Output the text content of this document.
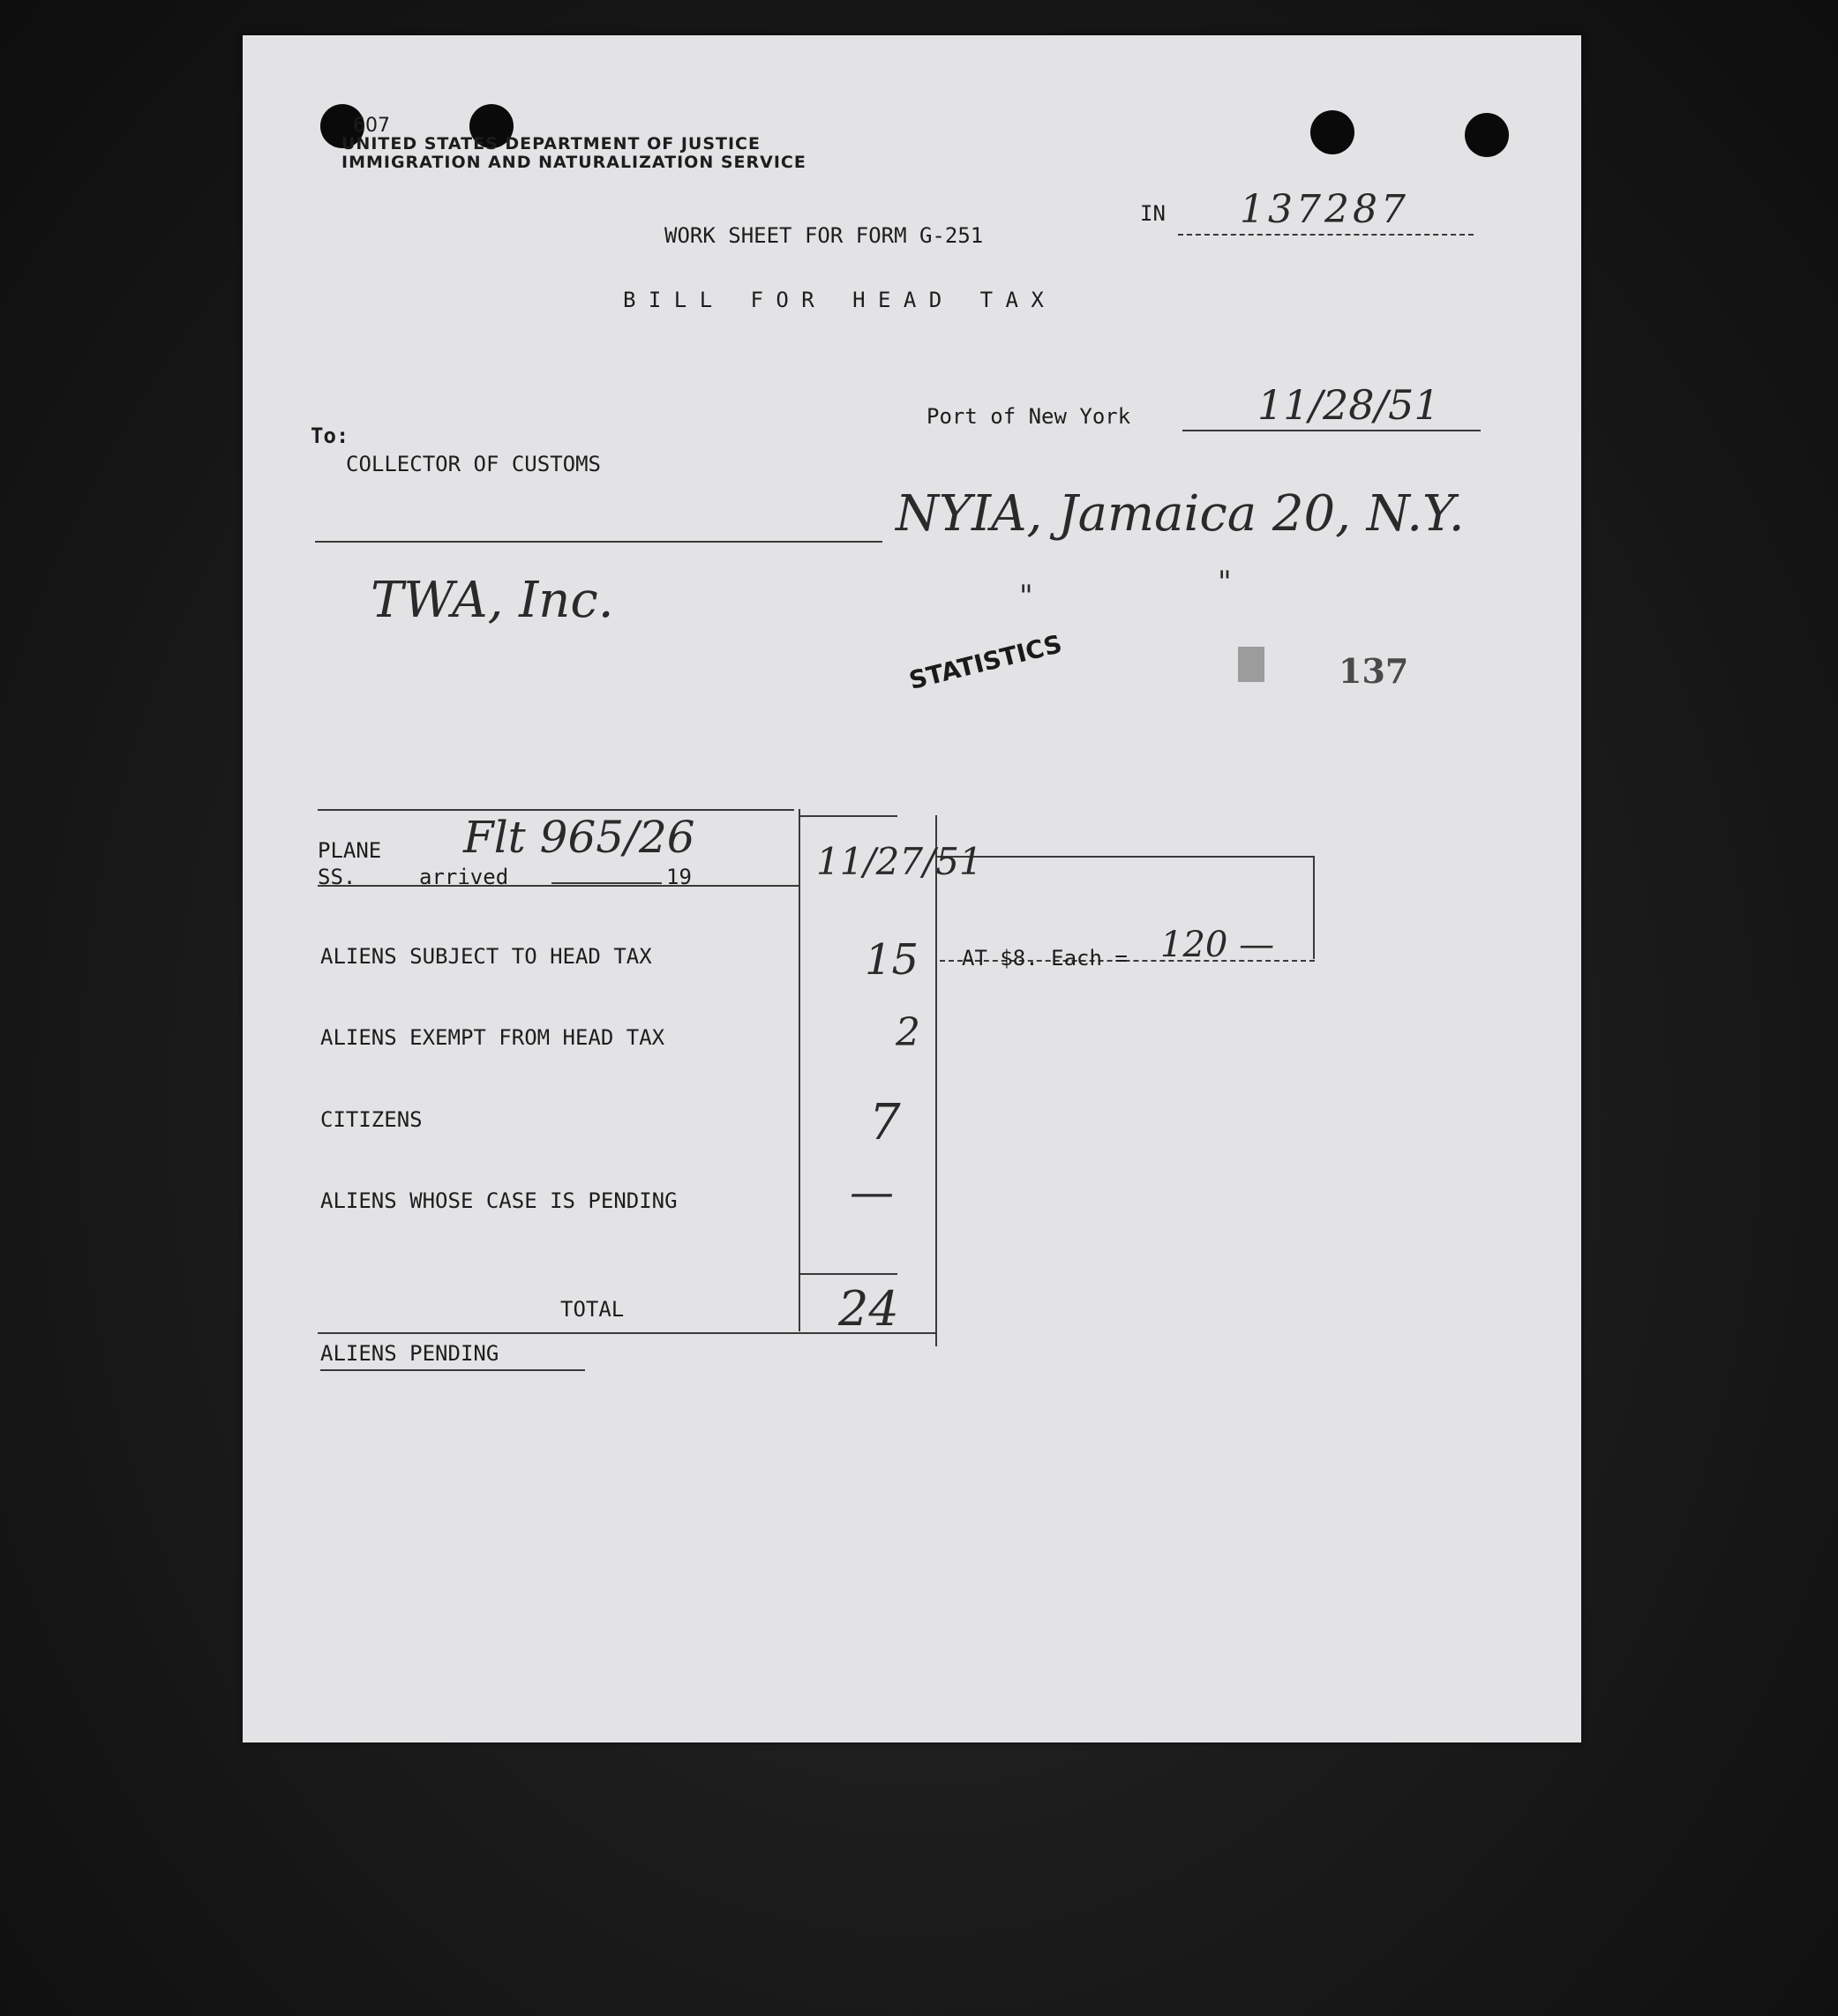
607
UNITED STATES DEPARTMENT OF JUSTICE
IMMIGRATION AND NATURALIZATION SERVICE
IN 137287
WORK SHEET FOR FORM G-251
B I L L   F O R   H E A D   T A X
Port of New York	11/28/51
To:
COLLECTOR OF CUSTOMS
NYIA, Jamaica 20, N.Y.
TWA, Inc.	"	"
STATISTICS	137
PLANE
SS.	arrived	19
Flt 965/26	11/27/51
ALIENS SUBJECT TO HEAD TAX	15 AT $8. Each = 120 —
ALIENS EXEMPT FROM HEAD TAX	2
CITIZENS	7
ALIENS WHOSE CASE IS PENDING	—
TOTAL	24
ALIENS PENDING
